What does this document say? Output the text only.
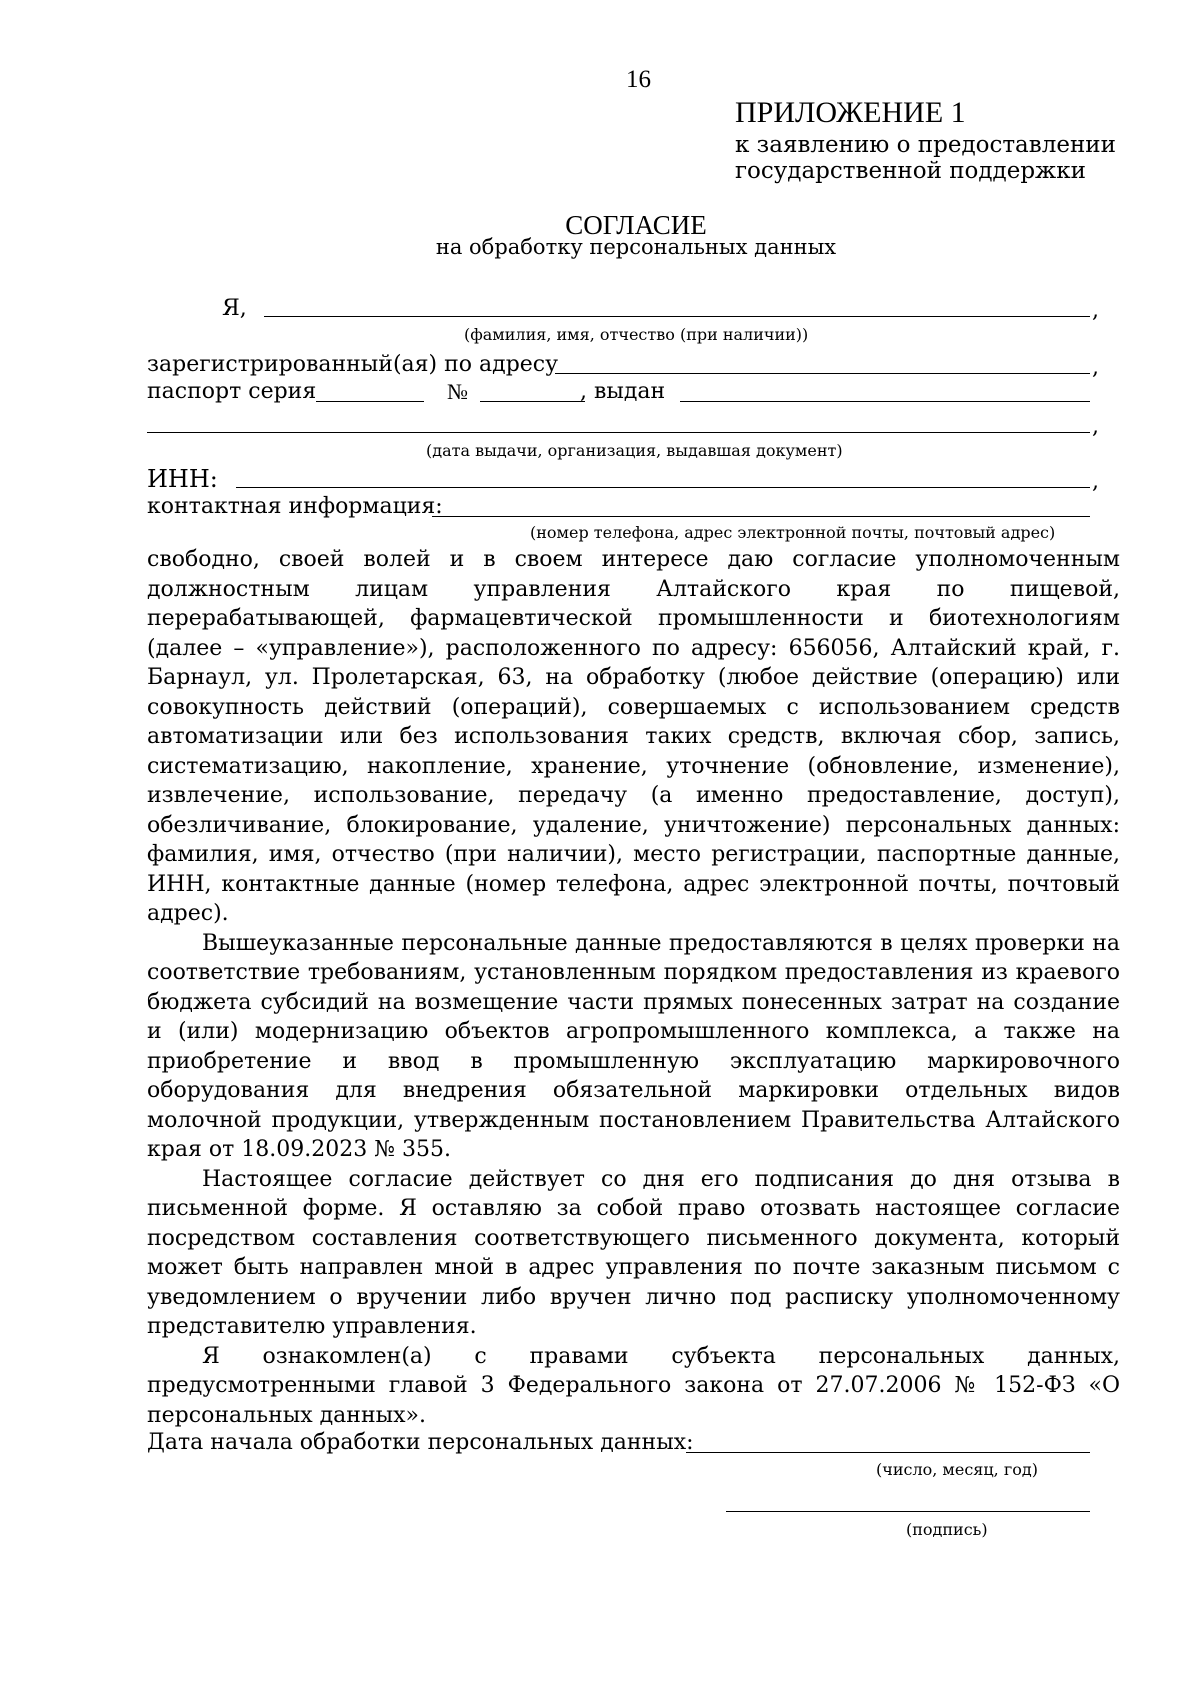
16
ПРИЛОЖЕНИЕ 1
к заявлению о предоставлении
государственной поддержки
СОГЛАСИЕ
на обработку персональных данных
Я,	,
(фамилия, имя, отчество (при наличии))
зарегистрированный(ая) по адресу	,
паспорт серия	№	, выдан
,
(дата выдачи, организация, выдавшая документ)
ИНН:	,
контактная информация:
(номер телефона, адрес электронной почты, почтовый адрес)

свободно, своей волей и в своем интересе даю согласие уполномоченным должностным лицам управления Алтайского края по пищевой, перерабатывающей, фармацевтической промышленности и биотехнологиям (далее – «управление»), расположенного по адресу: 656056, Алтайский край, г. Барнаул, ул. Пролетарская, 63, на обработку (любое действие (операцию) или совокупность действий (операций), совершаемых с использованием средств автоматизации или без использования таких средств, включая сбор, запись, систематизацию, накопление, хранение, уточнение (обновление, изменение), извлечение, использование, передачу (а именно предоставление, доступ), обезличивание, блокирование, удаление, уничтожение) персональных данных: фамилия, имя, отчество (при наличии), место регистрации, паспортные данные, ИНН, контактные данные (номер телефона, адрес электронной почты, почтовый адрес).

Вышеуказанные персональные данные предоставляются в целях проверки на соответствие требованиям, установленным порядком предоставления из краевого бюджета субсидий на возмещение части прямых понесенных затрат на создание и (или) модернизацию объектов агропромышленного комплекса, а также на приобретение и ввод в промышленную эксплуатацию маркировочного оборудования для внедрения обязательной маркировки отдельных видов молочной продукции, утвержденным постановлением Правительства Алтайского края от 18.09.2023 № 355.

Настоящее согласие действует со дня его подписания до дня отзыва в письменной форме. Я оставляю за собой право отозвать настоящее согласие посредством составления соответствующего письменного документа, который может быть направлен мной в адрес управления по почте заказным письмом с уведомлением о вручении либо вручен лично под расписку уполномоченному представителю управления.

Я ознакомлен(а) с правами субъекта персональных данных, предусмотренными главой 3 Федерального закона от 27.07.2006 № 152-ФЗ «О персональных данных».

Дата начала обработки персональных данных:
(число, месяц, год)
(подпись)
